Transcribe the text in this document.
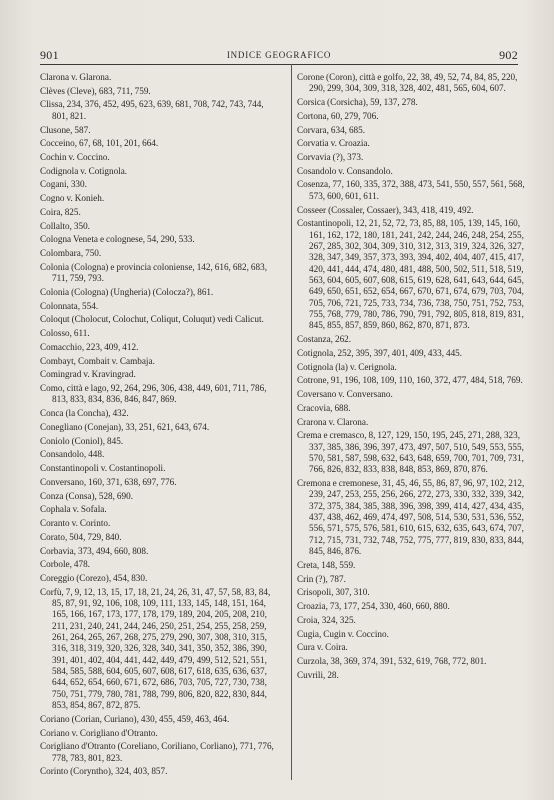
901	INDICE GEOGRAFICO	902

Clarona v. Glarona.

Clèves (Cleve), 683, 711, 759.

Clissa, 234, 376, 452, 495, 623, 639, 681, 708, 742, 743, 744, 801, 821.

Clusone, 587.

Cocceino, 67, 68, 101, 201, 664.

Cochin v. Coccino.

Codignola v. Cotignola.

Cogani, 330.

Cogno v. Konieh.

Coira, 825.

Collalto, 350.

Cologna Veneta e colognese, 54, 290, 533.

Colombara, 750.

Colonia (Colognа) e provincia coloniense, 142, 616, 682, 683, 711, 759, 793.

Colonia (Cologna) (Ungheria) (Colocza?), 861.

Colonnata, 554.

Coloqut (Cholocut, Colochut, Coliqut, Coluqut) vedi Calicut.

Colosso, 611.

Comacchio, 223, 409, 412.

Combayt, Combait v. Cambaja.

Comingrad v. Kravingrad.

Como, città e lago, 92, 264, 296, 306, 438, 449, 601, 711, 786, 813, 833, 834, 836, 846, 847, 869.

Conca (la Concha), 432.

Conegliano (Conejan), 33, 251, 621, 643, 674.

Coniolo (Coniol), 845.

Consandolo, 448.

Constantinopoli v. Costantinopoli.

Conversano, 160, 371, 638, 697, 776.

Conza (Consa), 528, 690.

Cophala v. Sofala.

Coranto v. Corinto.

Corato, 504, 729, 840.

Corbavia, 373, 494, 660, 808.

Corbole, 478.

Coreggio (Corezo), 454, 830.

Corfù, 7, 9, 12, 13, 15, 17, 18, 21, 24, 26, 31, 47, 57, 58, 83, 84, 85, 87, 91, 92, 106, 108, 109, 111, 133, 145, 148, 151, 164, 165, 166, 167, 173, 177, 178, 179, 189, 204, 205, 208, 210, 211, 231, 240, 241, 244, 246, 250, 251, 254, 255, 258, 259, 261, 264, 265, 267, 268, 275, 279, 290, 307, 308, 310, 315, 316, 318, 319, 320, 326, 328, 340, 341, 350, 352, 386, 390, 391, 401, 402, 404, 441, 442, 449, 479, 499, 512, 521, 551, 584, 585, 588, 604, 605, 607, 608, 617, 618, 635, 636, 637, 644, 652, 654, 660, 671, 672, 686, 703, 705, 727, 730, 738, 750, 751, 779, 780, 781, 788, 799, 806, 820, 822, 830, 844, 853, 854, 867, 872, 875.

Coriano (Corian, Curiano), 430, 455, 459, 463, 464.

Coriano v. Corigliano d'Otranto.

Corigliano d'Otranto (Coreliano, Coriliano, Corliano), 771, 776, 778, 783, 801, 823.

Corinto (Corynthο), 324, 403, 857.

Corone (Coron), città e golfo, 22, 38, 49, 52, 74, 84, 85, 220, 290, 299, 304, 309, 318, 328, 402, 481, 565, 604, 607.

Corsica (Corsicha), 59, 137, 278.

Cortona, 60, 279, 706.

Corvara, 634, 685.

Corvatia v. Croazia.

Corvavia (?), 373.

Cosandolo v. Consandolo.

Cosenza, 77, 160, 335, 372, 388, 473, 541, 550, 557, 561, 568, 573, 600, 601, 611.

Cosseer (Cossaler, Cossaer), 343, 418, 419, 492.

Costantinopoli, 12, 21, 52, 72, 73, 85, 88, 105, 139, 145, 160, 161, 162, 172, 180, 181, 241, 242, 244, 246, 248, 254, 255, 267, 285, 302, 304, 309, 310, 312, 313, 319, 324, 326, 327, 328, 347, 349, 357, 373, 393, 394, 402, 404, 407, 415, 417, 420, 441, 444, 474, 480, 481, 488, 500, 502, 511, 518, 519, 563, 604, 605, 607, 608, 615, 619, 628, 641, 643, 644, 645, 649, 650, 651, 652, 654, 667, 670, 671, 674, 679, 703, 704, 705, 706, 721, 725, 733, 734, 736, 738, 750, 751, 752, 753, 755, 768, 779, 780, 786, 790, 791, 792, 805, 818, 819, 831, 845, 855, 857, 859, 860, 862, 870, 871, 873.

Costanza, 262.

Cotignola, 252, 395, 397, 401, 409, 433, 445.

Cotignola (la) v. Cerignola.

Cotrone, 91, 196, 108, 109, 110, 160, 372, 477, 484, 518, 769.

Coversano v. Conversano.

Cracovia, 688.

Crarona v. Clarona.

Crema e cremasco, 8, 127, 129, 150, 195, 245, 271, 288, 323, 337, 385, 386, 396, 397, 473, 497, 507, 510, 549, 553, 555, 570, 581, 587, 598, 632, 643, 648, 659, 700, 701, 709, 731, 766, 826, 832, 833, 838, 848, 853, 869, 870, 876.

Cremona e cremonese, 31, 45, 46, 55, 86, 87, 96, 97, 102, 212, 239, 247, 253, 255, 256, 266, 272, 273, 330, 332, 339, 342, 372, 375, 384, 385, 388, 396, 398, 399, 414, 427, 434, 435, 437, 438, 462, 469, 474, 497, 508, 514, 530, 531, 536, 552, 556, 571, 575, 576, 581, 610, 615, 632, 635, 643, 674, 707, 712, 715, 731, 732, 748, 752, 775, 777, 819, 830, 833, 844, 845, 846, 876.

Creta, 148, 559.

Crin (?), 787.

Crisopoli, 307, 310.

Croazia, 73, 177, 254, 330, 460, 660, 880.

Croia, 324, 325.

Cugia, Cugin v. Coccino.

Cura v. Coira.

Curzola, 38, 369, 374, 391, 532, 619, 768, 772, 801.

Cuvrili, 28.
